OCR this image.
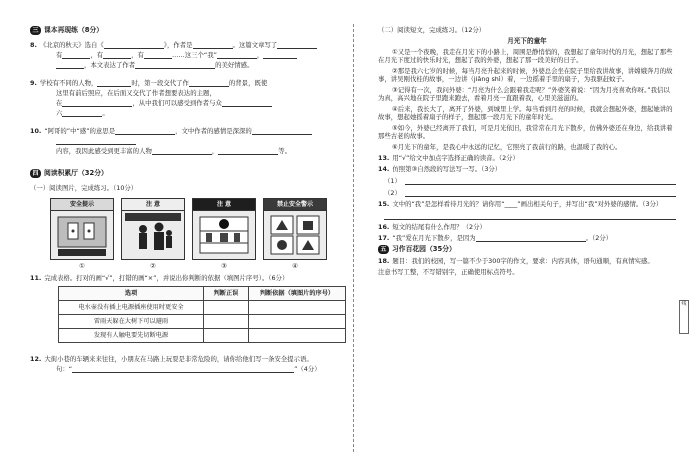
线
三 课本再现练（8分）
8. 《北京的秋天》选自《	》，作者是	。这篇文章写了
有	，有	，有	……这三个“我”	，
，本文表达了作者	的美好情感。
9. 学校有不同的人物，	时，第一段交代了作	的背景，既使
这里有前后照应，在后面又交代了作者想要表达的主题，
在	，从中我们可以感受到作者与众
六	。
10. “阿哥的”中“感”的意思是	，文中作者的感情是深深的
内容，我因此感受到更丰富的人物	，	等。
四 阅读积累厅（32分）
（一）阅读图片，完成练习。（10分）
安全提示
①
注 意
②
注 意
③
禁止安全警示
④
11. 完成表格。打对的画“√”，打错的画“×”，并说出你判断的依据（填图片序号）。（6分）
选项	判断正误	判断依据（填图片的序号）
电水壶没有插上电源插座使用时更安全		
雷雨天躲在大树下可以避雨		
发现有人触电要先切断电源		
12. 大街小巷的车辆来来往往，小朋友在马路上玩耍是非常危险的，请你给他们写一条安全提示语。
句：“	”（4分）
（二）阅读短文，完成练习。（12分）
月光下的童年

①又是一个夜晚，我走在月光下的小路上，周围是静悄悄的，我想起了童年时代的月光，想起了那些在月光下度过的快乐时光，想起了我的外婆，想起了那一段美好的日子。

②那是我六七岁的时候，每当月亮升起来的时候，外婆总会坐在院子里给我讲故事，讲嫦娥奔月的故事，讲吴刚伐桂的故事，一边讲（jiǎng shì）着，一边摇着手里的扇子，为我驱赶蚊子。

③记得有一次，我问外婆：“月亮为什么会跟着我走呢？”外婆笑着说：“因为月亮喜欢你呀。”我信以为真，高兴地在院子里跑来跑去，看着月亮一直跟着我，心里美滋滋的。

④后来，我长大了，离开了外婆，到城里上学。每当看到月亮的时候，我就会想起外婆，想起她讲的故事，想起她摇着扇子的样子，想起那一段月光下的童年时光。

⑤如今，外婆已经离开了我们，可是月光依旧，我常常在月光下散步，仿佛外婆还在身边，给我讲着那些古老的故事。

⑥月光下的童年，是我心中永远的记忆，它照亮了我前行的路，也温暖了我的心。

13. 用“√”给文中加点字选择正确的读音。（2分）
14. 仿照第③自然段的写法写一写。（3分）
（1）
（2）
15. 文中的“我”是怎样看待月光的？请你用“____”画出相关句子，并写出“我”对外婆的感情。（3分）
16. 短文的结尾有什么作用？（2分）
17. “我”爱在月光下散步，是因为	。（2分）
五 习作百花园（35分）
18. 题目：我们的校园，写一篇不少于300字的作文，要求：内容具体，语句通顺，有真情实感。
注意书写工整，不写错别字，正确使用标点符号。
